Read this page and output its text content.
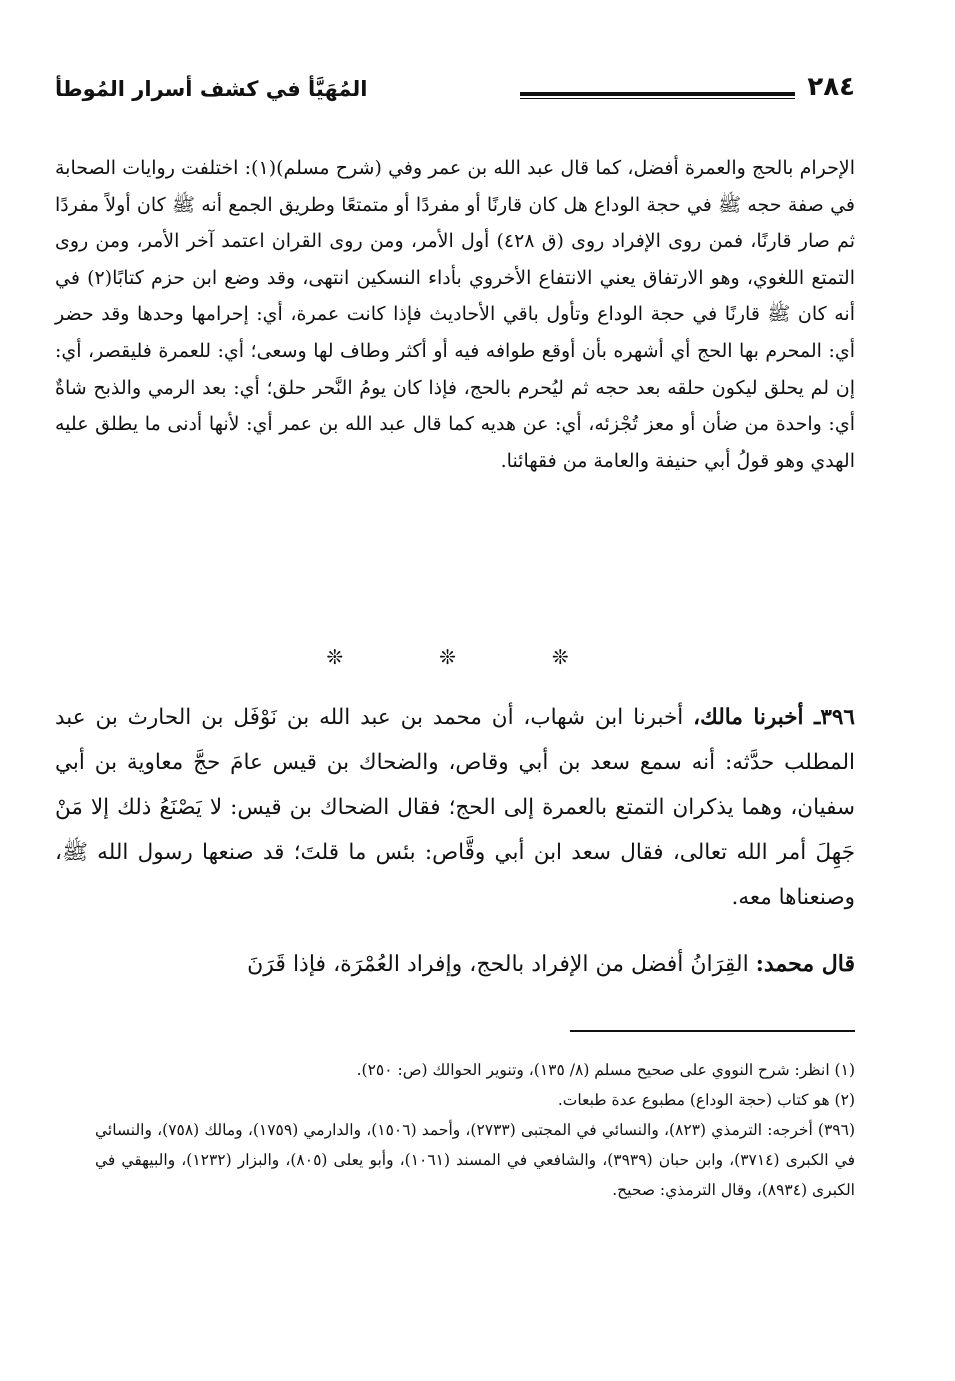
٢٨٤
المُهَيَّأ في كشف أسرار المُوطأ

الإحرام بالحج والعمرة أفضل، كما قال عبد الله بن عمر وفي (شرح مسلم)(١): اختلفت روايات الصحابة في صفة حجه ﷺ في حجة الوداع هل كان قارنًا أو مفردًا أو متمتعًا وطريق الجمع أنه ﷺ كان أولاً مفردًا ثم صار قارنًا، فمن روى الإفراد روى (ق ٤٢٨) أول الأمر، ومن روى القران اعتمد آخر الأمر، ومن روى التمتع اللغوي، وهو الارتفاق يعني الانتفاع الأخروي بأداء النسكين انتهى، وقد وضع ابن حزم كتابًا(٢) في أنه كان ﷺ قارنًا في حجة الوداع وتأول باقي الأحاديث فإذا كانت عمرة، أي: إحرامها وحدها وقد حضر أي: المحرم بها الحج أي أشهره بأن أوقع طوافه فيه أو أكثر وطاف لها وسعى؛ أي: للعمرة فليقصر، أي: إن لم يحلق ليكون حلقه بعد حجه ثم ليُحرم بالحج، فإذا كان يومُ النَّحر حلق؛ أي: بعد الرمي والذبح شاةٌ أي: واحدة من ضأن أو معز تُجْزئه، أي: عن هديه كما قال عبد الله بن عمر أي: لأنها أدنى ما يطلق عليه الهدي وهو قولُ أبي حنيفة والعامة من فقهائنا.

❊ ❊ ❊

٣٩٦ـ أخبرنا مالك، أخبرنا ابن شهاب، أن محمد بن عبد الله بن نَوْفَل بن الحارث بن عبد المطلب حدَّثه: أنه سمع سعد بن أبي وقاص، والضحاك بن قيس عامَ حجَّ معاوية بن أبي سفيان، وهما يذكران التمتع بالعمرة إلى الحج؛ فقال الضحاك بن قيس: لا يَصْنَعُ ذلك إلا مَنْ جَهِلَ أمر الله تعالى، فقال سعد ابن أبي وقَّاص: بئس ما قلتَ؛ قد صنعها رسول الله ﷺ، وصنعناها معه.

قال محمد: القِرَانُ أفضل من الإفراد بالحج، وإفراد العُمْرَة، فإذا قَرَنَ

(١) انظر: شرح النووي على صحيح مسلم (٨/ ١٣٥)، وتنوير الحوالك (ص: ٢٥٠).

(٢) هو كتاب (حجة الوداع) مطبوع عدة طبعات.

(٣٩٦) أخرجه: الترمذي (٨٢٣)، والنسائي في المجتبى (٢٧٣٣)، وأحمد (١٥٠٦)، والدارمي (١٧٥٩)، ومالك (٧٥٨)، والنسائي في الكبرى (٣٧١٤)، وابن حبان (٣٩٣٩)، والشافعي في المسند (١٠٦١)، وأبو يعلى (٨٠٥)، والبزار (١٢٣٢)، والبيهقي في الكبرى (٨٩٣٤)، وقال الترمذي: صحيح.
